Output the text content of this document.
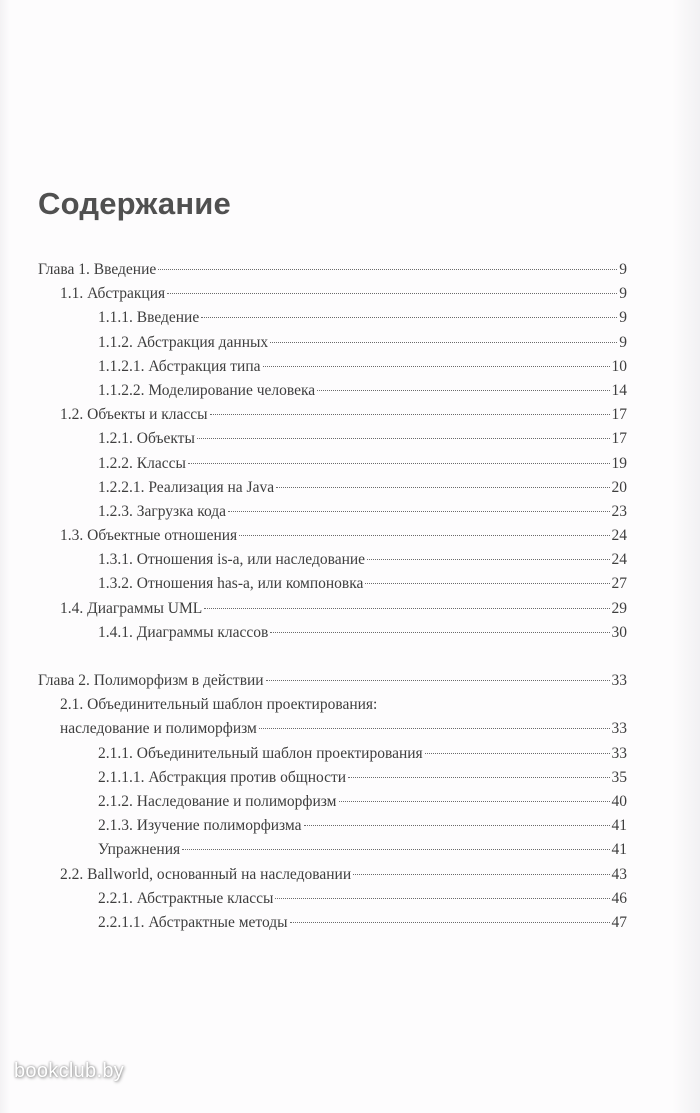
Содержание
Глава 1. Введение	9
1.1. Абстракция	9
1.1.1. Введение	9
1.1.2. Абстракция данных	9
1.1.2.1. Абстракция типа	10
1.1.2.2. Моделирование человека	14
1.2. Объекты и классы	17
1.2.1. Объекты	17
1.2.2. Классы	19
1.2.2.1. Реализация на Java	20
1.2.3. Загрузка кода	23
1.3. Объектные отношения	24
1.3.1. Отношения is-a, или наследование	24
1.3.2. Отношения has-a, или компоновка	27
1.4. Диаграммы UML	29
1.4.1. Диаграммы классов	30
Глава 2. Полиморфизм в действии	33
2.1. Объединительный шаблон проектирования:
наследование и полиморфизм	33
2.1.1. Объединительный шаблон проектирования	33
2.1.1.1. Абстракция против общности	35
2.1.2. Наследование и полиморфизм	40
2.1.3. Изучение полиморфизма	41
Упражнения	41
2.2. Ballworld, основанный на наследовании	43
2.2.1. Абстрактные классы	46
2.2.1.1. Абстрактные методы	47
bookclub.by
